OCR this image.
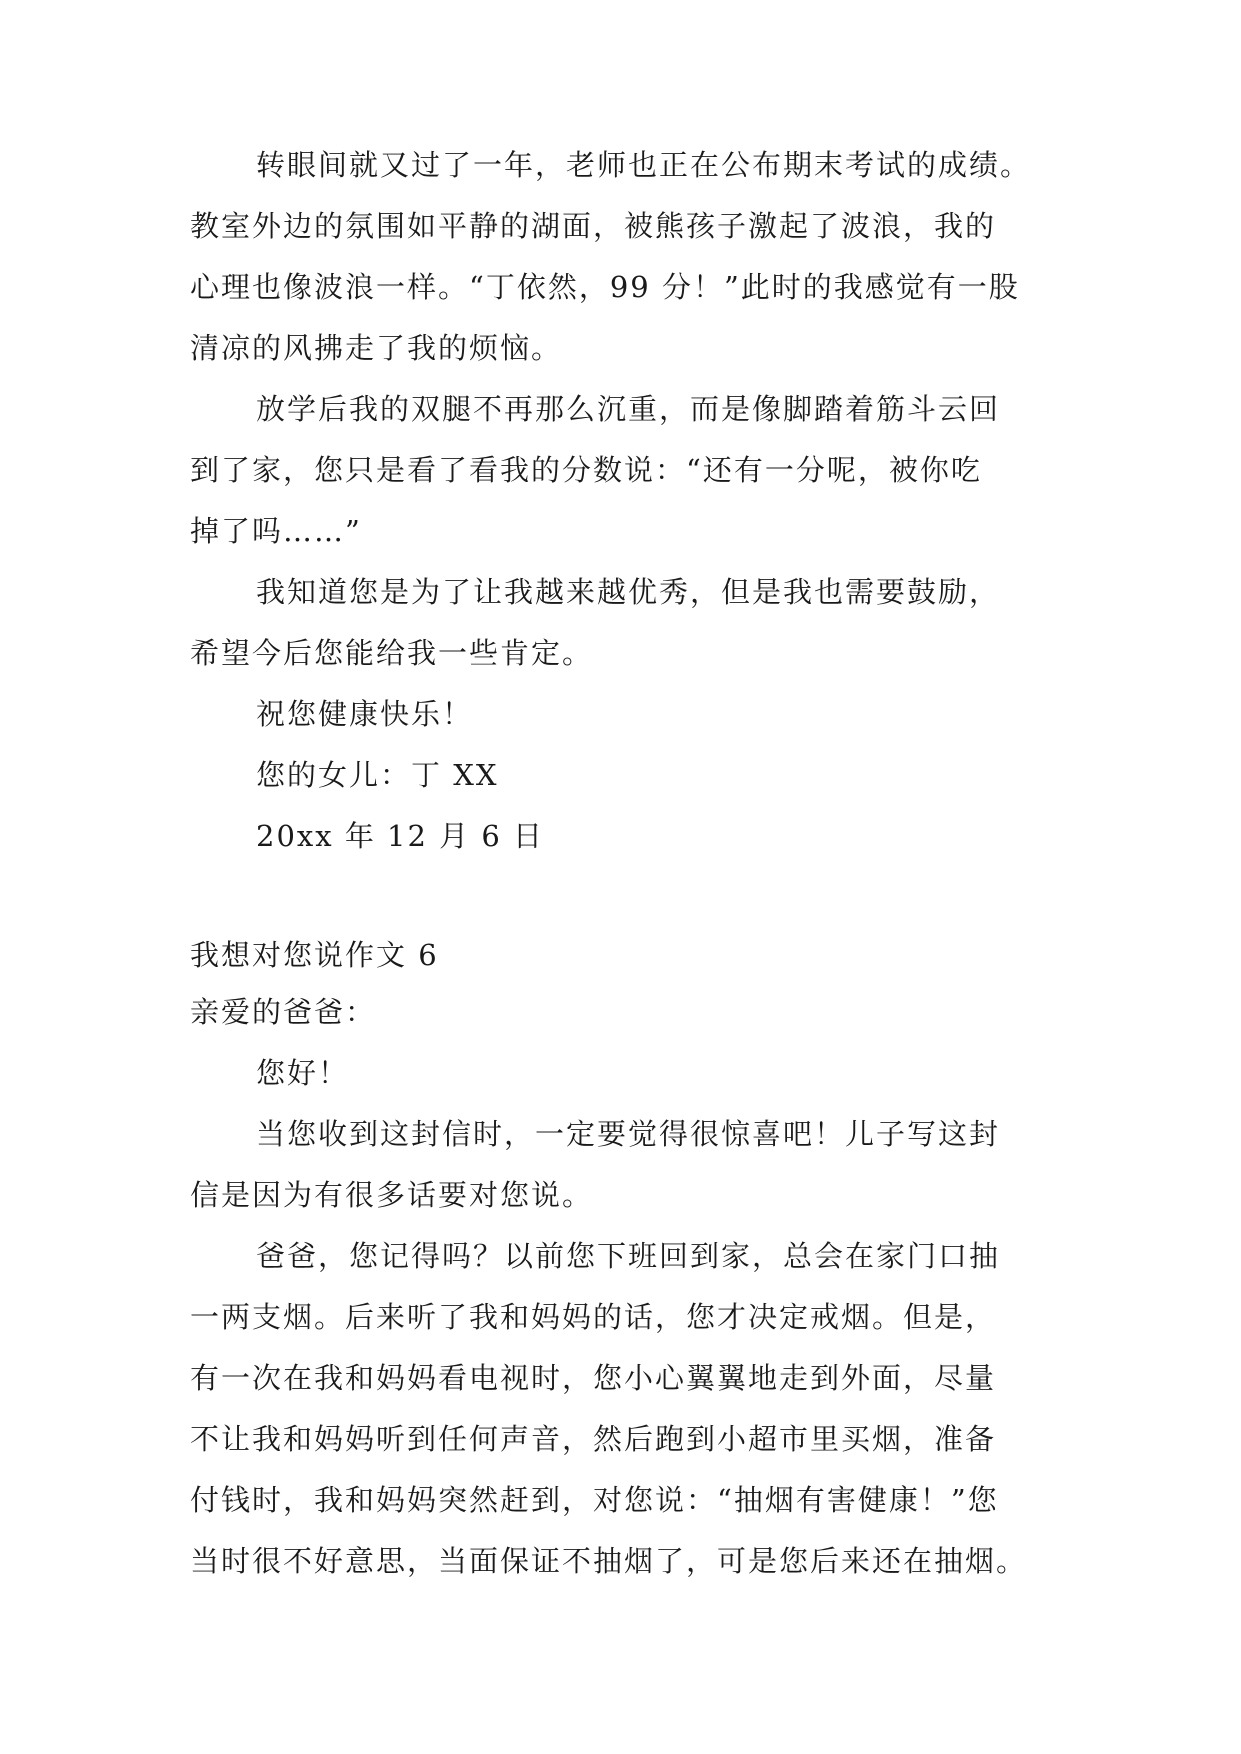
转眼间就又过了一年，老师也正在公布期末考试的成绩。
教室外边的氛围如平静的湖面，被熊孩子激起了波浪，我的
心理也像波浪一样。“丁依然，99 分！”此时的我感觉有一股
清凉的风拂走了我的烦恼。
放学后我的双腿不再那么沉重，而是像脚踏着筋斗云回
到了家，您只是看了看我的分数说：“还有一分呢，被你吃
掉了吗……”
我知道您是为了让我越来越优秀，但是我也需要鼓励，
希望今后您能给我一些肯定。
祝您健康快乐！
您的女儿：丁 XX
20xx 年 12 月 6 日
我想对您说作文 6
亲爱的爸爸：
您好！
当您收到这封信时，一定要觉得很惊喜吧！儿子写这封
信是因为有很多话要对您说。
爸爸，您记得吗？以前您下班回到家，总会在家门口抽
一两支烟。后来听了我和妈妈的话，您才决定戒烟。但是，
有一次在我和妈妈看电视时，您小心翼翼地走到外面，尽量
不让我和妈妈听到任何声音，然后跑到小超市里买烟，准备
付钱时，我和妈妈突然赶到，对您说：“抽烟有害健康！”您
当时很不好意思，当面保证不抽烟了，可是您后来还在抽烟。
